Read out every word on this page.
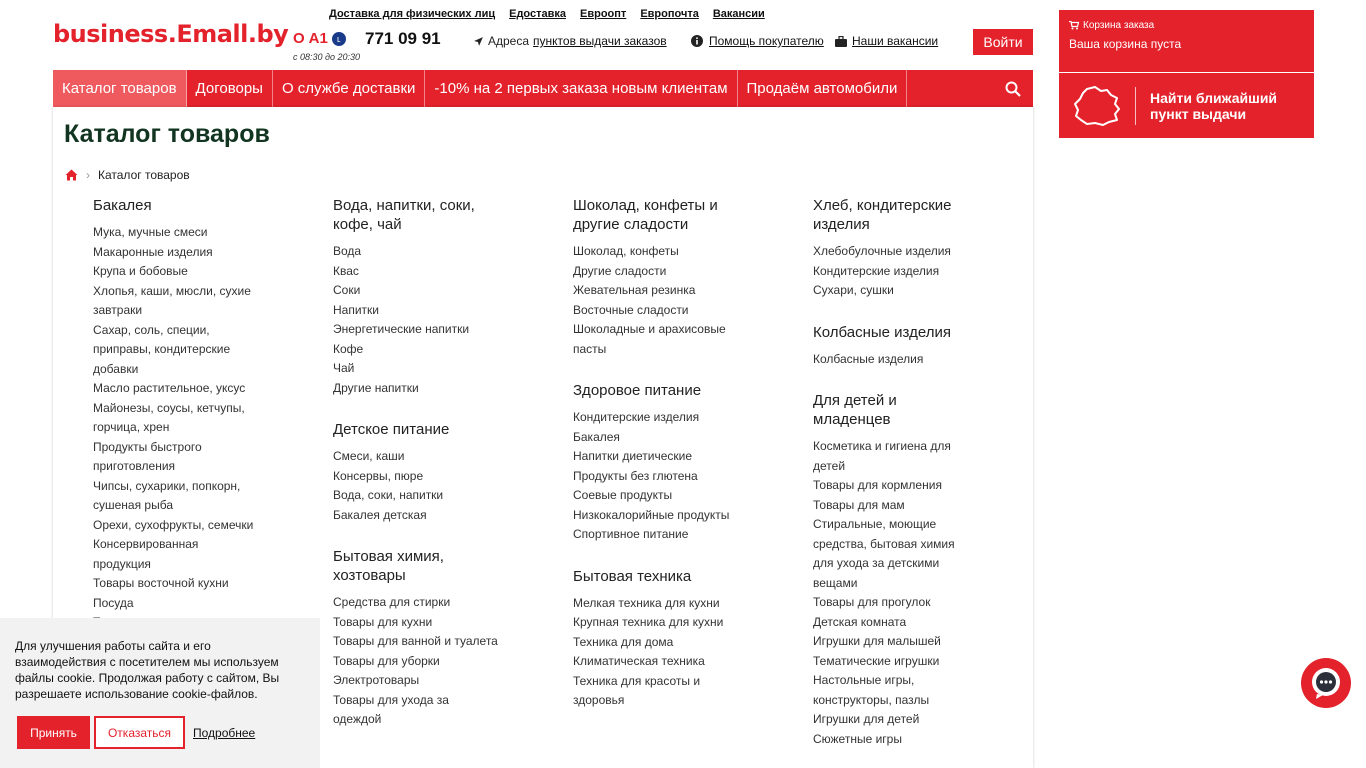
business.Emall.by
Доставка для физических лиц Едоставка Евроопт Европочта Вакансии
О А1	ʟ	771 09 91
с 08:30 до 20:30
Адреса пунктов выдачи заказов	Помощь покупателю Наши вакансии	Войти
Каталог товаров	Договоры	О службе доставки	-10% на 2 первых заказа новым клиентам	Продаём автомобили
Каталог товаров
› Каталог товаров
Бакалея
Мука, мучные смеси
Макаронные изделия
Крупа и бобовые
Хлопья, каши, мюсли, сухие завтраки
Сахар, соль, специи, приправы, кондитерские добавки
Масло растительное, уксус
Майонезы, соусы, кетчупы, горчица, хрен
Продукты быстрого приготовления
Чипсы, сухарики, попкорн, сушеная рыба
Орехи, сухофрукты, семечки
Консервированная продукция
Товары восточной кухни
Посуда
Вода, напитки, соки, кофе, чай
Вода
Квас
Соки
Напитки
Энергетические напитки
Кофе
Чай
Другие напитки
Детское питание
Смеси, каши
Консервы, пюре
Вода, соки, напитки
Бакалея детская
Бытовая химия, хозтовары
Средства для стирки
Товары для кухни
Товары для ванной и туалета
Товары для уборки
Электротовары
Товары для ухода за одеждой
Шоколад, конфеты и другие сладости
Шоколад, конфеты
Другие сладости
Жевательная резинка
Восточные сладости
Шоколадные и арахисовые пасты
Здоровое питание
Кондитерские изделия
Бакалея
Напитки диетические
Продукты без глютена
Соевые продукты
Низкокалорийные продукты
Спортивное питание
Бытовая техника
Мелкая техника для кухни
Крупная техника для кухни
Техника для дома
Климатическая техника
Техника для красоты и здоровья
Хлеб, кондитерские изделия
Хлебобулочные изделия
Кондитерские изделия
Сухари, сушки
Колбасные изделия
Колбасные изделия
Для детей и младенцев
Косметика и гигиена для детей
Товары для кормления
Товары для мам
Стиральные, моющие средства, бытовая химия для ухода за детскими вещами
Товары для прогулок
Детская комната
Игрушки для малышей
Тематические игрушки
Настольные игры, конструкторы, пазлы
Игрушки для детей
Сюжетные игры
Корзина заказа
Ваша корзина пуста
Найти ближайший
пункт выдачи

Для улучшения работы сайта и его взаимодействия с посетителем мы используем файлы cookie. Продолжая работу с сайтом, Вы разрешаете использование cookie-файлов.

Принять	Отказаться	Подробнее
